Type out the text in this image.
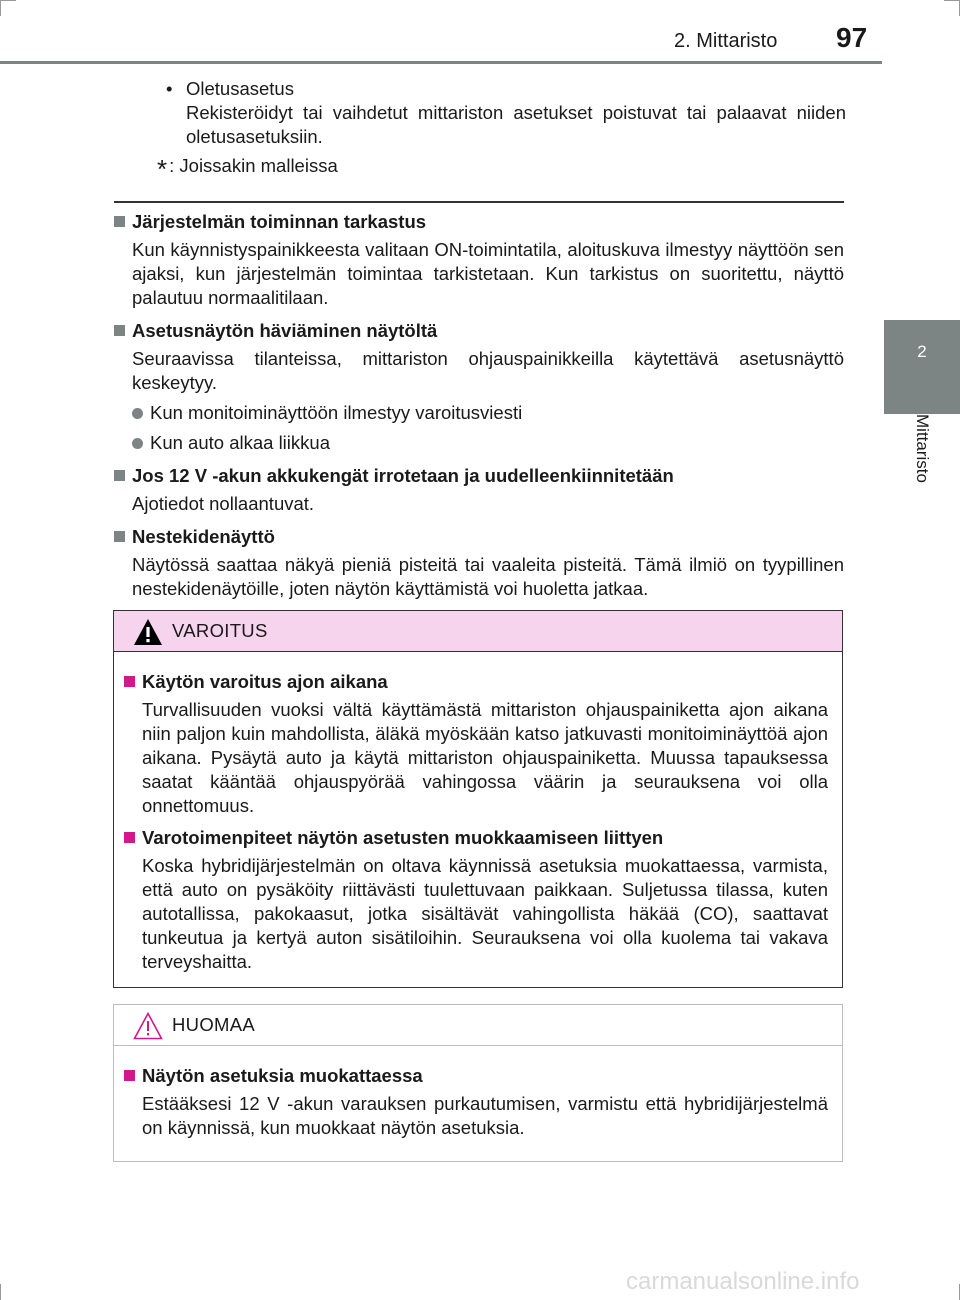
2. Mittaristo 97
2
Mittaristo
• Oletusasetus
Rekisteröidyt tai vaihdetut mittariston asetukset poistuvat tai palaavat niiden oletusasetuksiin.
* : Joissakin malleissa

Järjestelmän toiminnan tarkastus

Kun käynnistyspainikkeesta valitaan ON-toimintatila, aloituskuva ilmestyy näyttöön sen ajaksi, kun järjestelmän toimintaa tarkistetaan. Kun tarkistus on suoritettu, näyttö palautuu normaalitilaan.

Asetusnäytön häviäminen näytöltä

Seuraavissa tilanteissa, mittariston ohjauspainikkeilla käytettävä asetusnäyttö keskeytyy.

Kun monitoiminäyttöön ilmestyy varoitusviesti

Kun auto alkaa liikkua

Jos 12 V -akun akkukengät irrotetaan ja uudelleenkiinnitetään

Ajotiedot nollaantuvat.

Nestekidenäyttö

Näytössä saattaa näkyä pieniä pisteitä tai vaaleita pisteitä. Tämä ilmiö on tyypillinen nestekidenäytöille, joten näytön käyttämistä voi huoletta jatkaa.

VAROITUS

Käytön varoitus ajon aikana

Turvallisuuden vuoksi vältä käyttämästä mittariston ohjauspainiketta ajon aikana niin paljon kuin mahdollista, äläkä myöskään katso jatkuvasti monitoiminäyttöä ajon aikana. Pysäytä auto ja käytä mittariston ohjauspainiketta. Muussa tapauksessa saatat kääntää ohjauspyörää vahingossa väärin ja seurauksena voi olla onnettomuus.

Varotoimenpiteet näytön asetusten muokkaamiseen liittyen

Koska hybridijärjestelmän on oltava käynnissä asetuksia muokattaessa, varmista, että auto on pysäköity riittävästi tuulettuvaan paikkaan. Suljetussa tilassa, kuten autotallissa, pakokaasut, jotka sisältävät vahingollista häkää (CO), saattavat tunkeutua ja kertyä auton sisätiloihin. Seurauksena voi olla kuolema tai vakava terveyshaitta.

HUOMAA

Näytön asetuksia muokattaessa

Estääksesi 12 V -akun varauksen purkautumisen, varmistu että hybridijärjestelmä on käynnissä, kun muokkaat näytön asetuksia.

carmanualsonline.info
